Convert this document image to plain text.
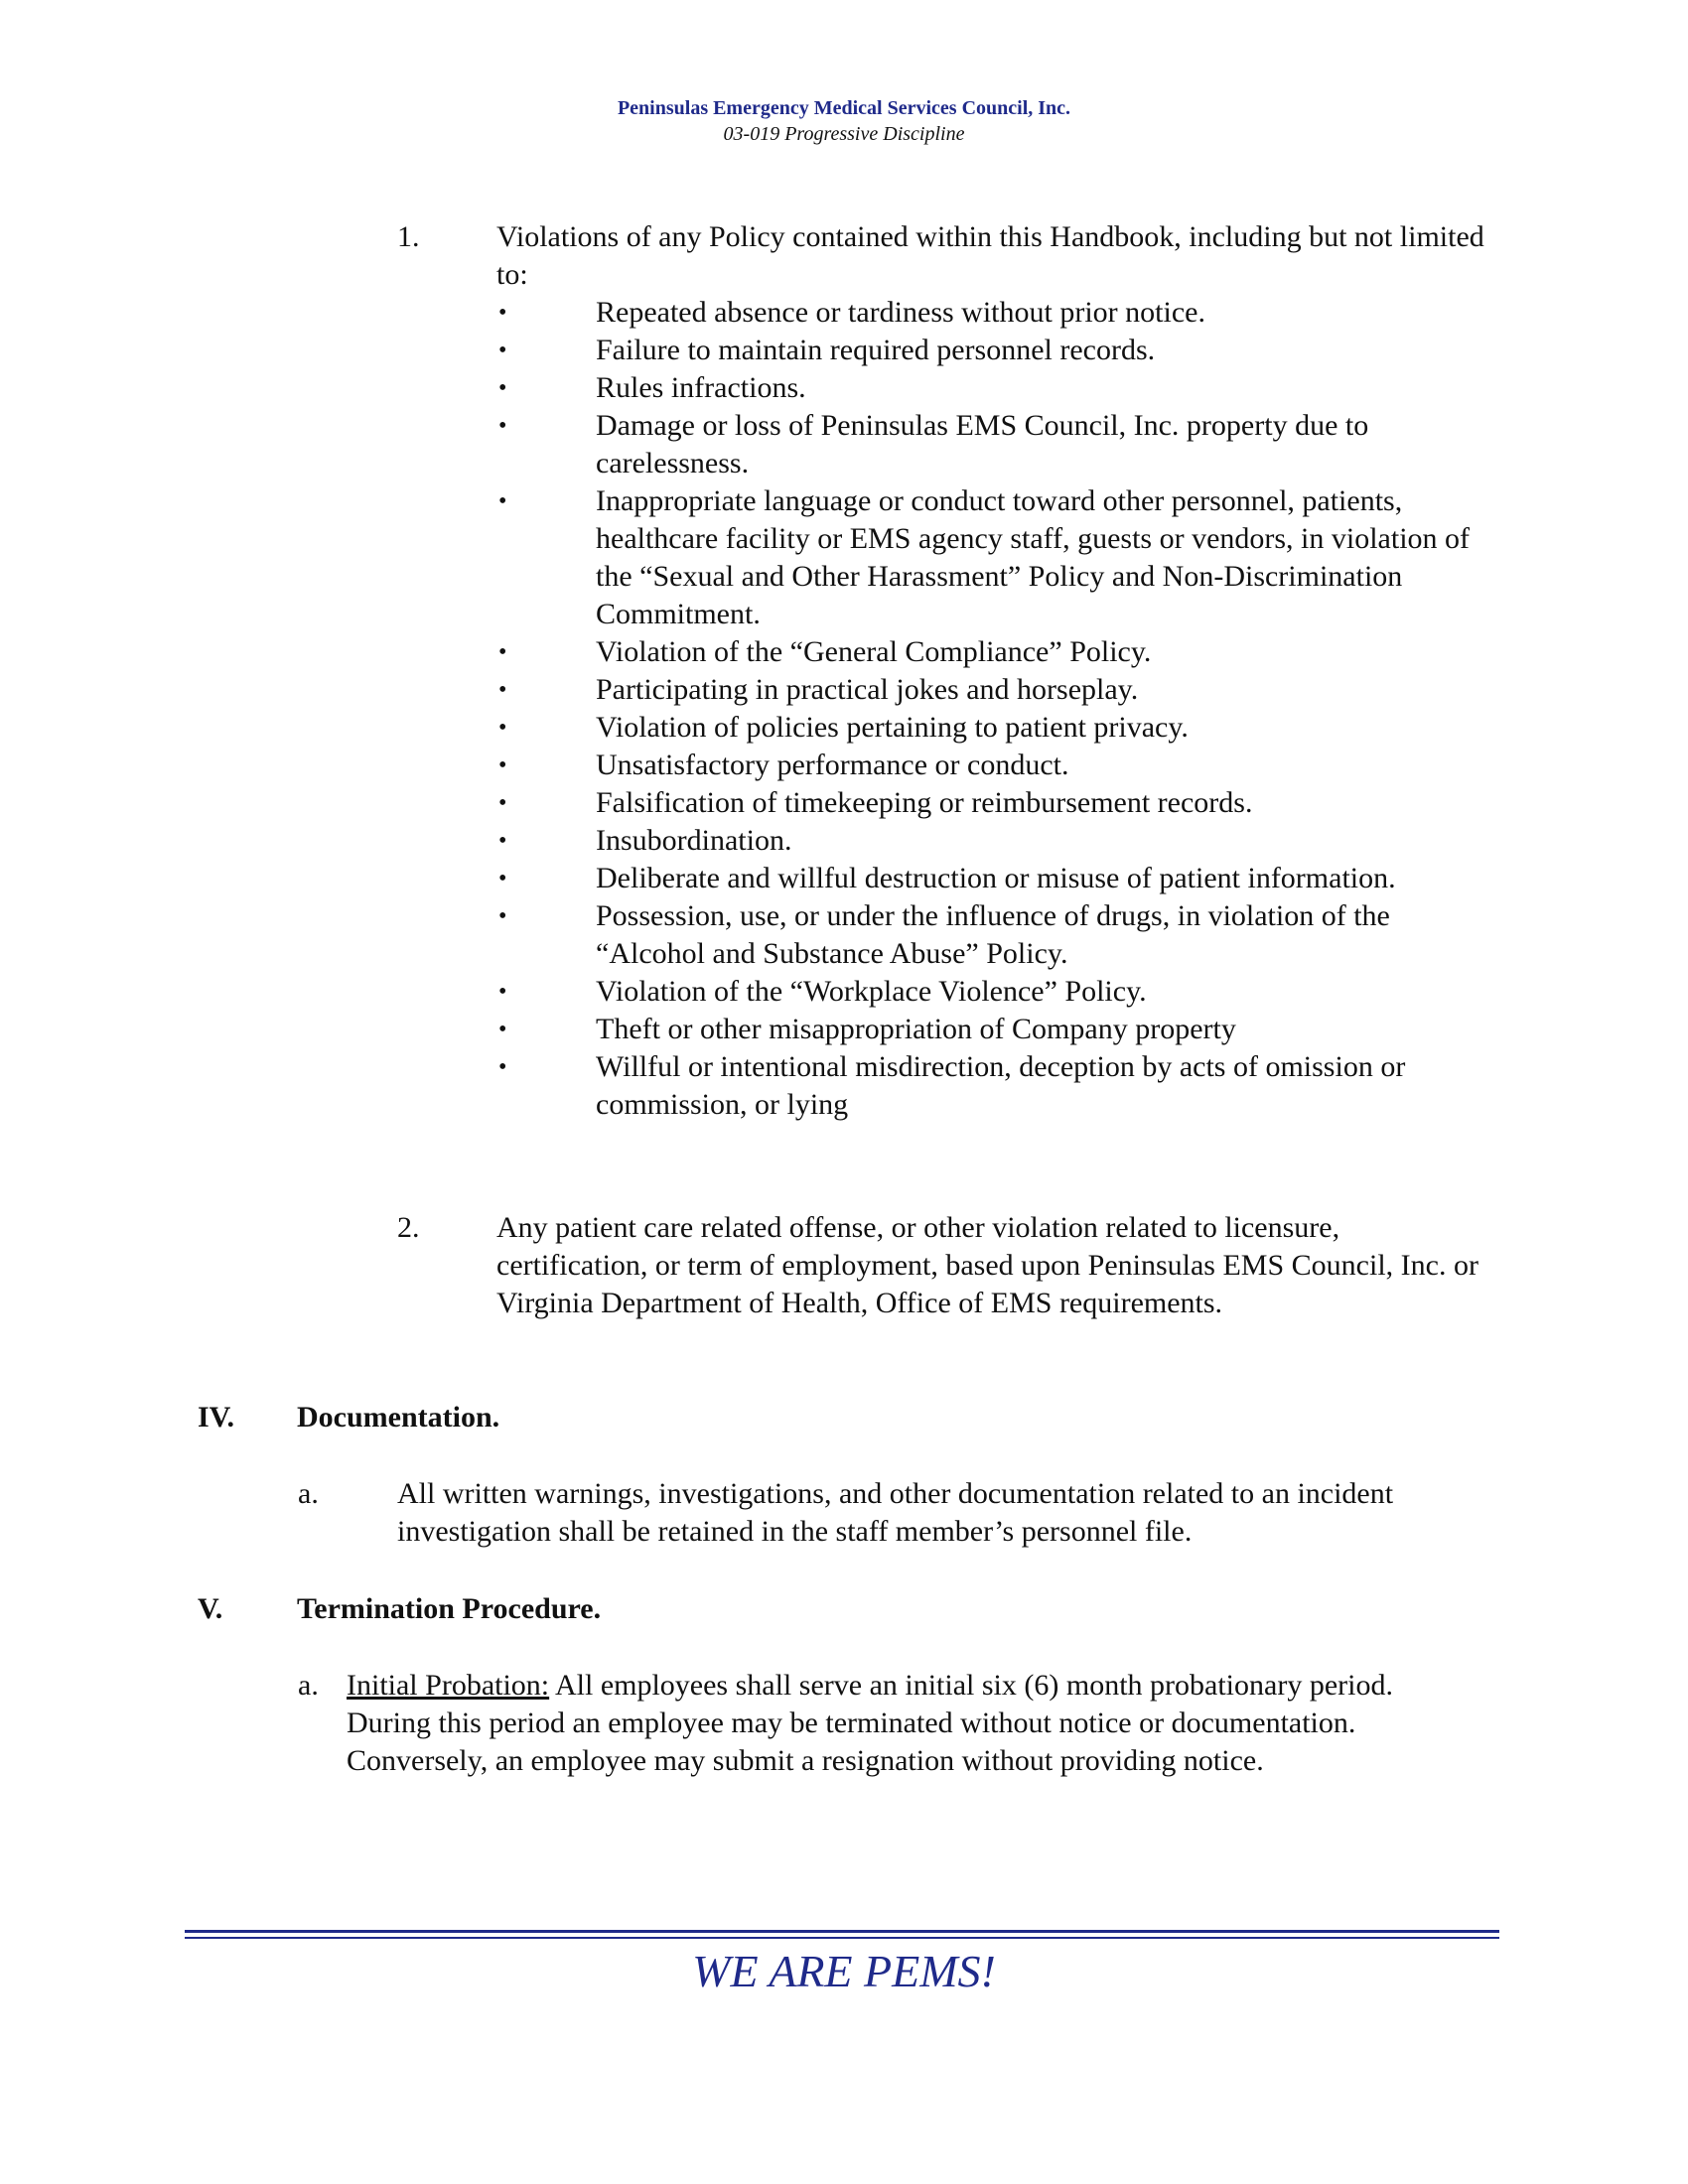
Peninsulas Emergency Medical Services Council, Inc.
03-019 Progressive Discipline
1.	Violations of any Policy contained within this Handbook, including but not limited to:
•	Repeated absence or tardiness without prior notice.
•	Failure to maintain required personnel records.
•	Rules infractions.
•	Damage or loss of Peninsulas EMS Council, Inc. property due to carelessness.
•	Inappropriate language or conduct toward other personnel, patients, healthcare facility or EMS agency staff, guests or vendors, in violation of the “Sexual and Other Harassment” Policy and Non-Discrimination Commitment.
•	Violation of the “General Compliance” Policy.
•	Participating in practical jokes and horseplay.
•	Violation of policies pertaining to patient privacy.
•	Unsatisfactory performance or conduct.
•	Falsification of timekeeping or reimbursement records.
•	Insubordination.
•	Deliberate and willful destruction or misuse of patient information.
•	Possession, use, or under the influence of drugs, in violation of the “Alcohol and Substance Abuse” Policy.
•	Violation of the “Workplace Violence” Policy.
•	Theft or other misappropriation of Company property
•	Willful or intentional misdirection, deception by acts of omission or commission, or lying
2.	Any patient care related offense, or other violation related to licensure, certification, or term of employment, based upon Peninsulas EMS Council, Inc. or Virginia Department of Health, Office of EMS requirements.
IV. Documentation.
a.	All written warnings, investigations, and other documentation related to an incident investigation shall be retained in the staff member’s personnel file.
V. Termination Procedure.
a. Initial Probation: All employees shall serve an initial six (6) month probationary period. During this period an employee may be terminated without notice or documentation. Conversely, an employee may submit a resignation without providing notice.
WE ARE PEMS!
